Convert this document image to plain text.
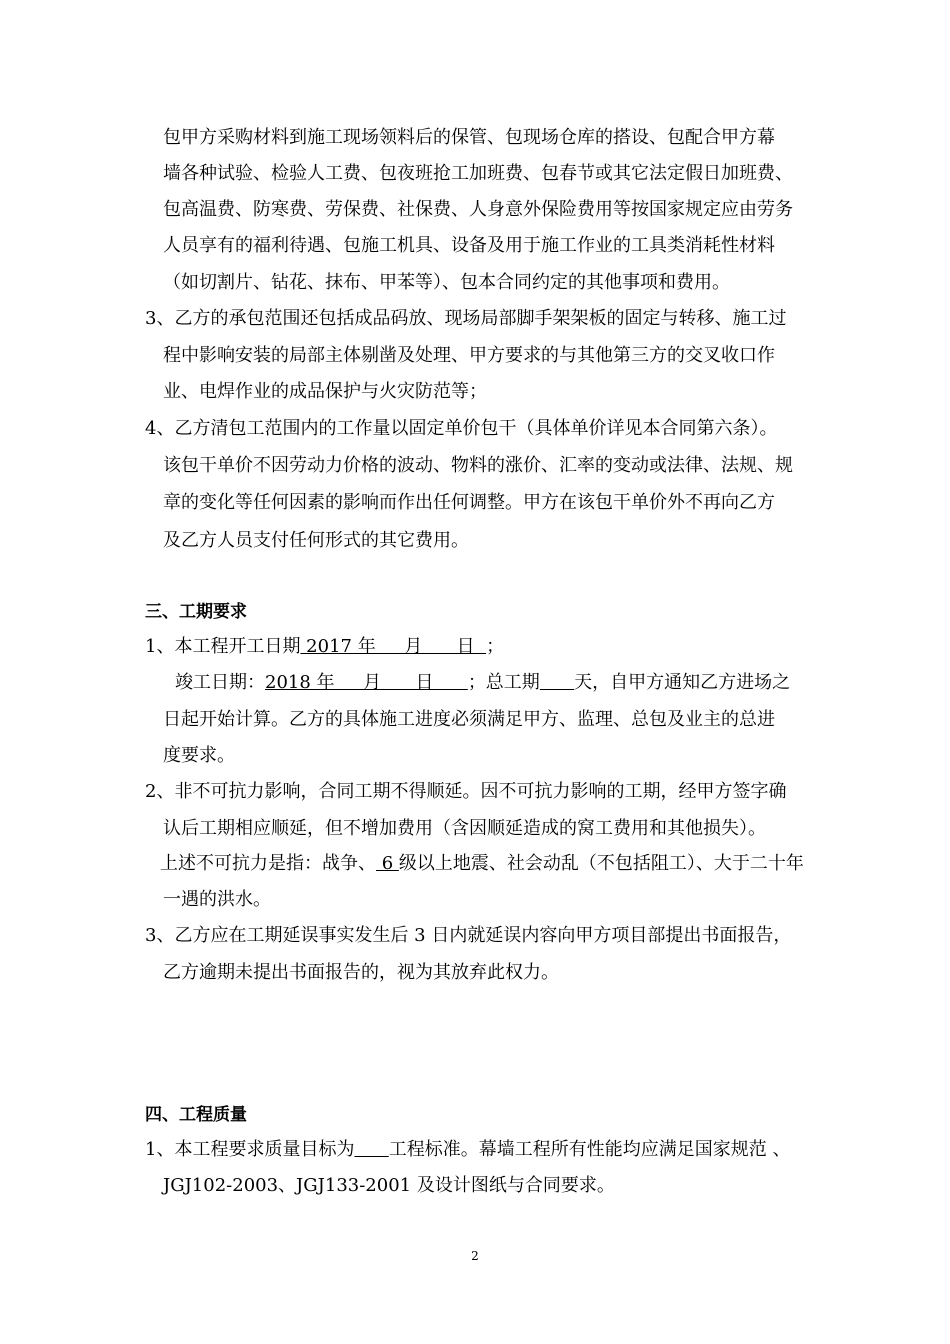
包甲方采购材料到施工现场领料后的保管、包现场仓库的搭设、包配合甲方幕
墙各种试验、检验人工费、包夜班抢工加班费、包春节或其它法定假日加班费、
包高温费、防寒费、劳保费、社保费、人身意外保险费用等按国家规定应由劳务
人员享有的福利待遇、包施工机具、设备及用于施工作业的工具类消耗性材料
（如切割片、钻花、抹布、甲苯等）、包本合同约定的其他事项和费用。
3、乙方的承包范围还包括成品码放、现场局部脚手架架板的固定与转移、施工过
程中影响安装的局部主体剔凿及处理、甲方要求的与其他第三方的交叉收口作
业、电焊作业的成品保护与火灾防范等；
4、乙方清包工范围内的工作量以固定单价包干（具体单价详见本合同第六条）。
该包干单价不因劳动力价格的波动、物料的涨价、汇率的变动或法律、法规、规
章的变化等任何因素的影响而作出任何调整。甲方在该包干单价外不再向乙方
及乙方人员支付任何形式的其它费用。
三、工期要求
1、本工程开工日期 2017 年     月      日  ；
竣工日期：2018 年     月      日      ；总工期 天，自甲方通知乙方进场之
日起开始计算。乙方的具体施工进度必须满足甲方、监理、总包及业主的总进
度要求。
2、非不可抗力影响，合同工期不得顺延。因不可抗力影响的工期，经甲方签字确
认后工期相应顺延，但不增加费用（含因顺延造成的窝工费用和其他损失）。
上述不可抗力是指：战争、 6 级以上地震、社会动乱（不包括阻工）、大于二十年
一遇的洪水。
3、乙方应在工期延误事实发生后 3 日内就延误内容向甲方项目部提出书面报告，
乙方逾期未提出书面报告的，视为其放弃此权力。
四、工程质量
1、本工程要求质量目标为 工程标准。幕墙工程所有性能均应满足国家规范 、
JGJ102-2003、JGJ133-2001 及设计图纸与合同要求。
2
